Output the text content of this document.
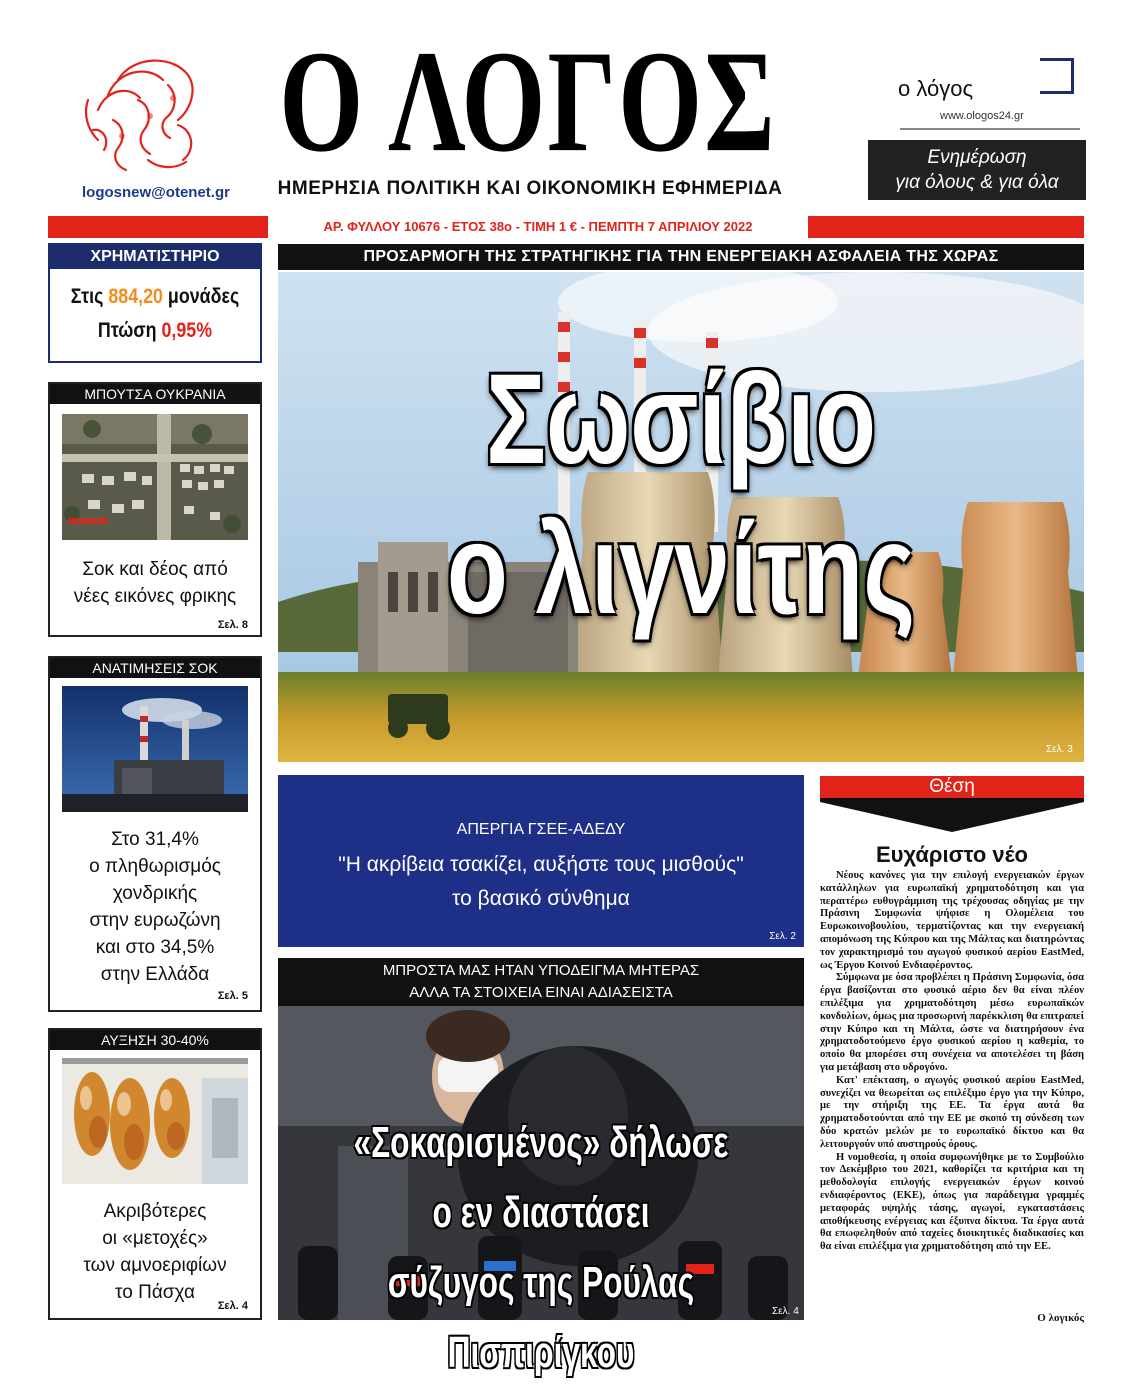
logosnew@otenet.gr
Ο ΛΟΓΟΣ
ΗΜΕΡΗΣΙΑ ΠΟΛΙΤΙΚΗ ΚΑΙ ΟΙΚΟΝΟΜΙΚΗ ΕΦΗΜΕΡΙΔΑ
ο λόγος
www.ologos24.gr
Ενημέρωση
για όλους & για όλα
ΑΡ. ΦΥΛΛΟΥ 10676 - ΕΤΟΣ 38ο - ΤΙΜΗ 1 € - ΠΕΜΠΤΗ 7 ΑΠΡΙΛΙΟΥ 2022
ΧΡΗΜΑΤΙΣΤΗΡΙΟ
Στις 884,20 μονάδες
Πτώση 0,95%
ΜΠΟΥΤΣΑ ΟΥΚΡΑΝΙΑ
Σοκ και δέος από
νέες εικόνες φρικης
Σελ. 8
ΑΝΑΤΙΜΗΣΕΙΣ ΣΟΚ
Στο 31,4%
ο πληθωρισμός
χονδρικής
στην ευρωζώνη
και στο 34,5%
στην Ελλάδα
Σελ. 5
ΑΥΞΗΣΗ 30-40%
Ακριβότερες
οι «μετοχές»
των αμνοεριφίων
το Πάσχα
Σελ. 4
ΠΡΟΣΑΡΜΟΓΗ ΤΗΣ ΣΤΡΑΤΗΓΙΚΗΣ ΓΙΑ ΤΗΝ ΕΝΕΡΓΕΙΑΚΗ ΑΣΦΑΛΕΙΑ ΤΗΣ ΧΩΡΑΣ
Σωσίβιο
ο λιγνίτης
Σελ. 3
ΑΠΕΡΓΙΑ ΓΣΕΕ-ΑΔΕΔΥ
"Η ακρίβεια τσακίζει, αυξήστε τους μισθούς"
το βασικό σύνθημα
Σελ. 2
ΜΠΡΟΣΤΑ ΜΑΣ ΗΤΑΝ ΥΠΟΔΕΙΓΜΑ ΜΗΤΕΡΑΣ
ΑΛΛΑ ΤΑ ΣΤΟΙΧΕΙΑ ΕΙΝΑΙ ΑΔΙΑΣΕΙΣΤΑ
«Σοκαρισμένος» δήλωσε ο εν διαστάσει
σύζυγος της Ρούλας Πισπιρίγκου
Σελ. 4
Θέση
Ευχάριστο νέο

Νέους κανόνες για την επιλογή ενεργειακών έργων κατάλληλων για ευρωπαϊκή χρηματοδότηση και για περαιτέρω ευθυγράμμιση της τρέχουσας οδηγίας με την Πράσινη Συμφωνία ψήφισε η Ολομέλεια του Ευρωκοινοβουλίου, τερματίζοντας και την ενεργειακή απομόνωση της Κύπρου και της Μάλτας και διατηρώντας τον χαρακτηρισμό του αγωγού φυσικού αερίου EastMed, ως Έργου Κοινού Ενδιαφέροντος.

Σύμφωνα με όσα προβλέπει η Πράσινη Συμφωνία, όσα έργα βασίζονται στο φυσικό αέριο δεν θα είναι πλέον επιλέξιμα για χρηματοδότηση μέσω ευρωπαϊκών κονδυλίων, όμως μια προσωρινή παρέκκλιση θα επιτραπεί στην Κύπρο και τη Μάλτα, ώστε να διατηρήσουν ένα χρηματοδοτούμενο έργο φυσικού αερίου η καθεμία, το οποίο θα μπορέσει στη συνέχεια να αποτελέσει τη βάση για μετάβαση στο υδρογόνο.

Κατ' επέκταση, ο αγωγός φυσικού αερίου EastMed, συνεχίζει να θεωρείται ως επιλέξιμο έργο για την Κύπρο, με την στήριξη της ΕΕ. Τα έργα αυτά θα χρηματοδοτούνται από την ΕΕ με σκοπό τη σύνδεση των δύο κρατών μελών με το ευρωπαϊκό δίκτυο και θα λειτουργούν υπό αυστηρούς όρους.

Η νομοθεσία, η οποία συμφωνήθηκε με το Συμβούλιο τον Δεκέμβριο του 2021, καθορίζει τα κριτήρια και τη μεθοδολογία επιλογής ενεργειακών έργων κοινού ενδιαφέροντος (ΕΚΕ), όπως για παράδειγμα γραμμές μεταφοράς υψηλής τάσης, αγωγοί, εγκαταστάσεις αποθήκευσης ενέργειας και έξυπνα δίκτυα. Τα έργα αυτά θα επωφεληθούν από ταχείες διοικητικές διαδικασίες και θα είναι επιλέξιμα για χρηματοδότηση από την ΕΕ.

Ο λογικός
